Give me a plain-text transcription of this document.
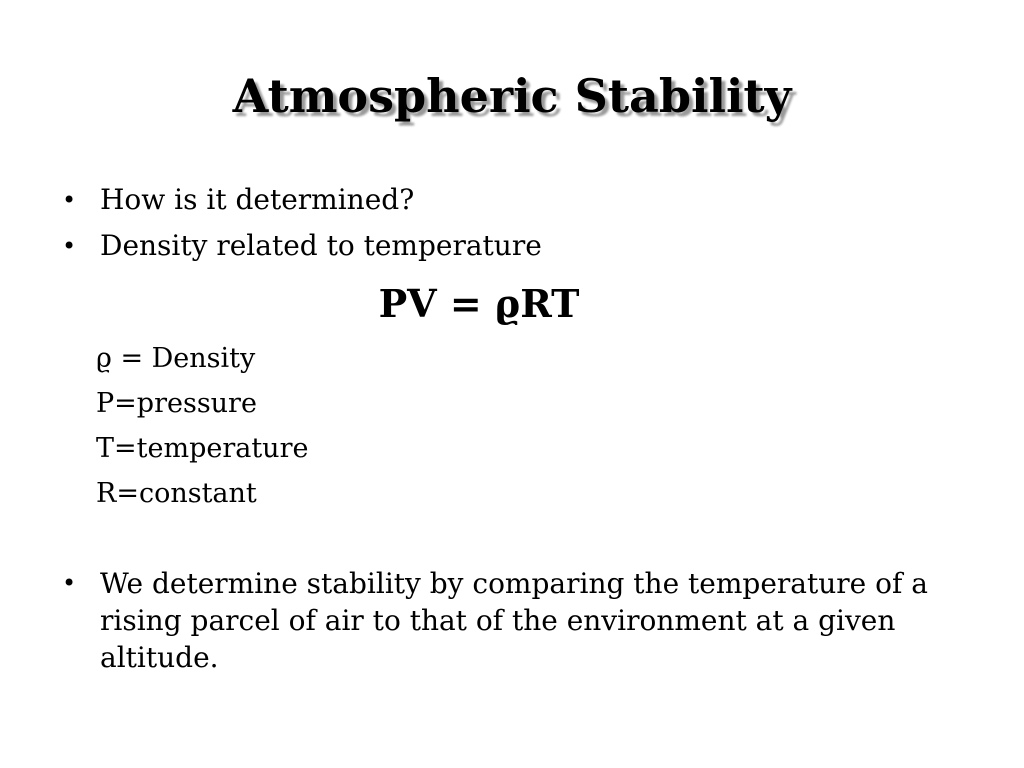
Atmospheric Stability
• How is it determined?
• Density related to temperature
PV = ϱRT
ϱ = Density
P=pressure
T=temperature
R=constant
• We determine stability by comparing the temperature of a rising parcel of air to that of the environment at a given altitude.
